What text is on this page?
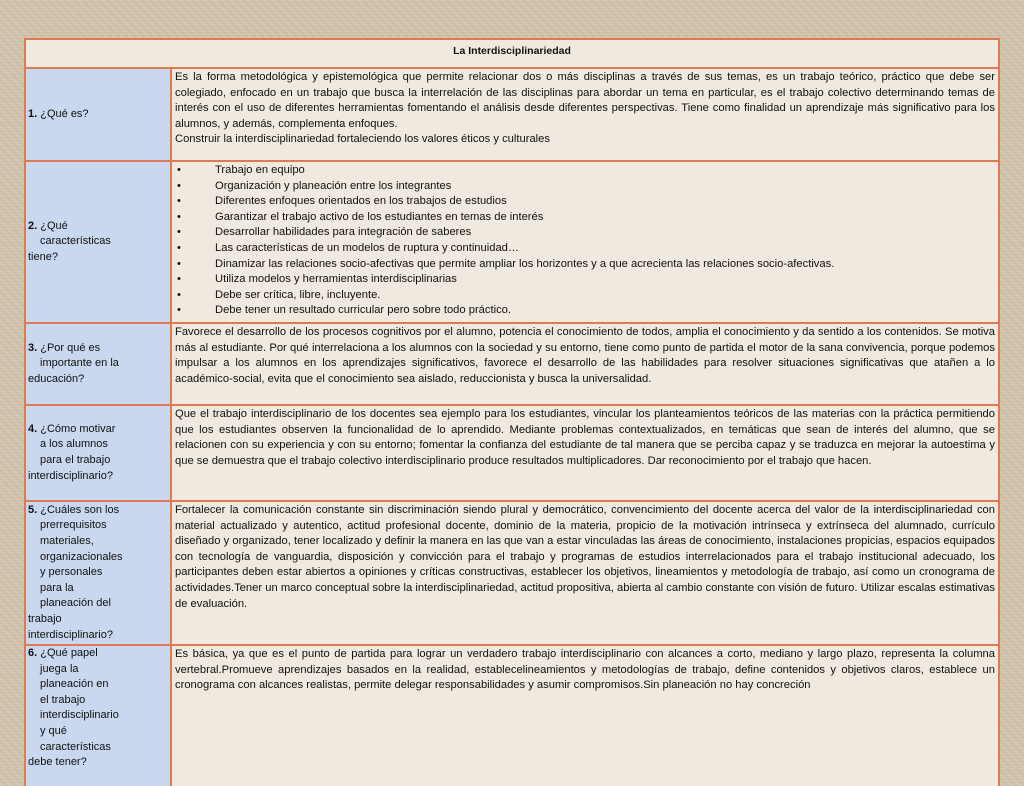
La Interdisciplinariedad
1. ¿Qué es?

Es la forma metodológica y epistemológica que permite relacionar dos o más disciplinas a través de sus temas, es un trabajo teórico, práctico que debe ser colegiado, enfocado en un trabajo que busca la interrelación de las disciplinas para abordar un tema en particular, es el trabajo colectivo determinando temas de interés con el uso de diferentes herramientas fomentando el análisis desde diferentes perspectivas. Tiene como finalidad un aprendizaje más significativo para los alumnos, y además, complementa enfoques.

Construir la interdisciplinariedad fortaleciendo los valores éticos y culturales

2. ¿Qué
características
tiene?
• Trabajo en equipo
• Organización y planeación entre los integrantes
• Diferentes enfoques orientados en los trabajos de estudios
• Garantizar el trabajo activo de los estudiantes en temas de interés
• Desarrollar habilidades para integración de saberes
• Las características de un modelos de ruptura y continuidad…
• Dinamizar las relaciones socio-afectivas que permite ampliar los horizontes y a que acrecienta las relaciones socio-afectivas.
• Utiliza modelos y herramientas interdisciplinarias
• Debe ser crítica, libre, incluyente.
• Debe tener un resultado curricular pero sobre todo práctico.
3. ¿Por qué es
importante en la
educación?

Favorece el desarrollo de los procesos cognitivos por el alumno, potencia el conocimiento de todos, amplia el conocimiento y da sentido a los contenidos. Se motiva más al estudiante. Por qué interrelaciona a los alumnos con la sociedad y su entorno, tiene como punto de partida el motor de la sana convivencia, porque podemos impulsar a los alumnos en los aprendizajes significativos, favorece el desarrollo de las habilidades para resolver situaciones significativas que atañen a lo académico-social, evita que el conocimiento sea aislado, reduccionista y busca la universalidad.

4. ¿Cómo motivar
a los alumnos
para el trabajo
interdisciplinario?

Que el trabajo interdisciplinario de los docentes sea ejemplo para los estudiantes, vincular los planteamientos teóricos de las materias con la práctica permitiendo que los estudiantes observen la funcionalidad de lo aprendido. Mediante problemas contextualizados, en temáticas que sean de interés del alumno, que se relacionen con su experiencia y con su entorno; fomentar la confianza del estudiante de tal manera que se perciba capaz y se traduzca en mejorar la autoestima y que se demuestra que el trabajo colectivo interdisciplinario produce resultados multiplicadores. Dar reconocimiento por el trabajo que hacen.

5. ¿Cuáles son los
prerrequisitos
materiales,
organizacionales
y personales
para la
planeación del
trabajo
interdisciplinario?

Fortalecer la comunicación constante sin discriminación siendo plural y democrático, convencimiento del docente acerca del valor de la interdisciplinariedad con material actualizado y autentico, actitud profesional docente, dominio de la materia, propicio de la motivación intrínseca y extrínseca del alumnado, currículo diseñado y organizado, tener localizado y definir la manera en las que van a estar vinculadas las áreas de conocimiento, instalaciones propicias, espacios equipados con tecnología de vanguardia, disposición y convicción para el trabajo y programas de estudios interrelacionados para el trabajo institucional adecuado, los participantes deben estar abiertos a opiniones y críticas constructivas, establecer los objetivos, lineamientos y metodología de trabajo, así como un cronograma de actividades.Tener un marco conceptual sobre la interdisciplinariedad, actitud propositiva, abierta al cambio constante con visión de futuro. Utilizar escalas estimativas de evaluación.

6. ¿Qué papel
juega la
planeación en
el trabajo
interdisciplinario
y qué
características
debe tener?

Es básica, ya que es el punto de partida para lograr un verdadero trabajo interdisciplinario con alcances a corto, mediano y largo plazo, representa la columna vertebral.Promueve aprendizajes basados en la realidad, establecelineamientos y metodologías de trabajo, define contenidos y objetivos claros, establece un cronograma con alcances realistas, permite delegar responsabilidades y asumir compromisos.Sin planeación no hay concreción
